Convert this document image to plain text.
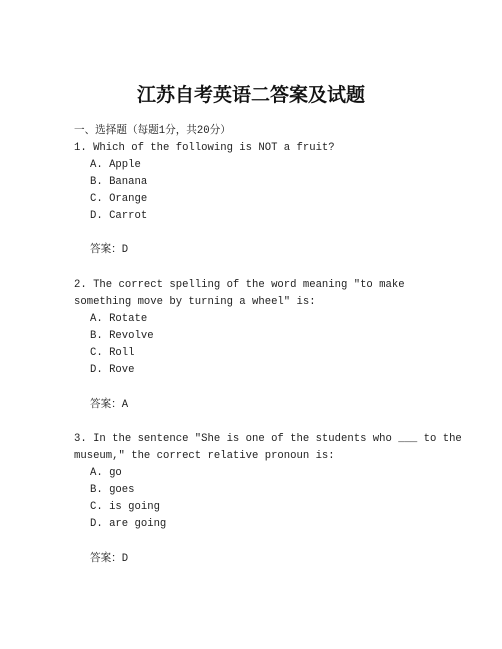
江苏自考英语二答案及试题
一、选择题（每题1分，共20分）
1. Which of the following is NOT a fruit?
A. Apple
B. Banana
C. Orange
D. Carrot
答案：D
2. The correct spelling of the word meaning "to make
something move by turning a wheel" is:
A. Rotate
B. Revolve
C. Roll
D. Rove
答案：A
3. In the sentence "She is one of the students who ___ to the
museum," the correct relative pronoun is:
A. go
B. goes
C. is going
D. are going
答案：D
